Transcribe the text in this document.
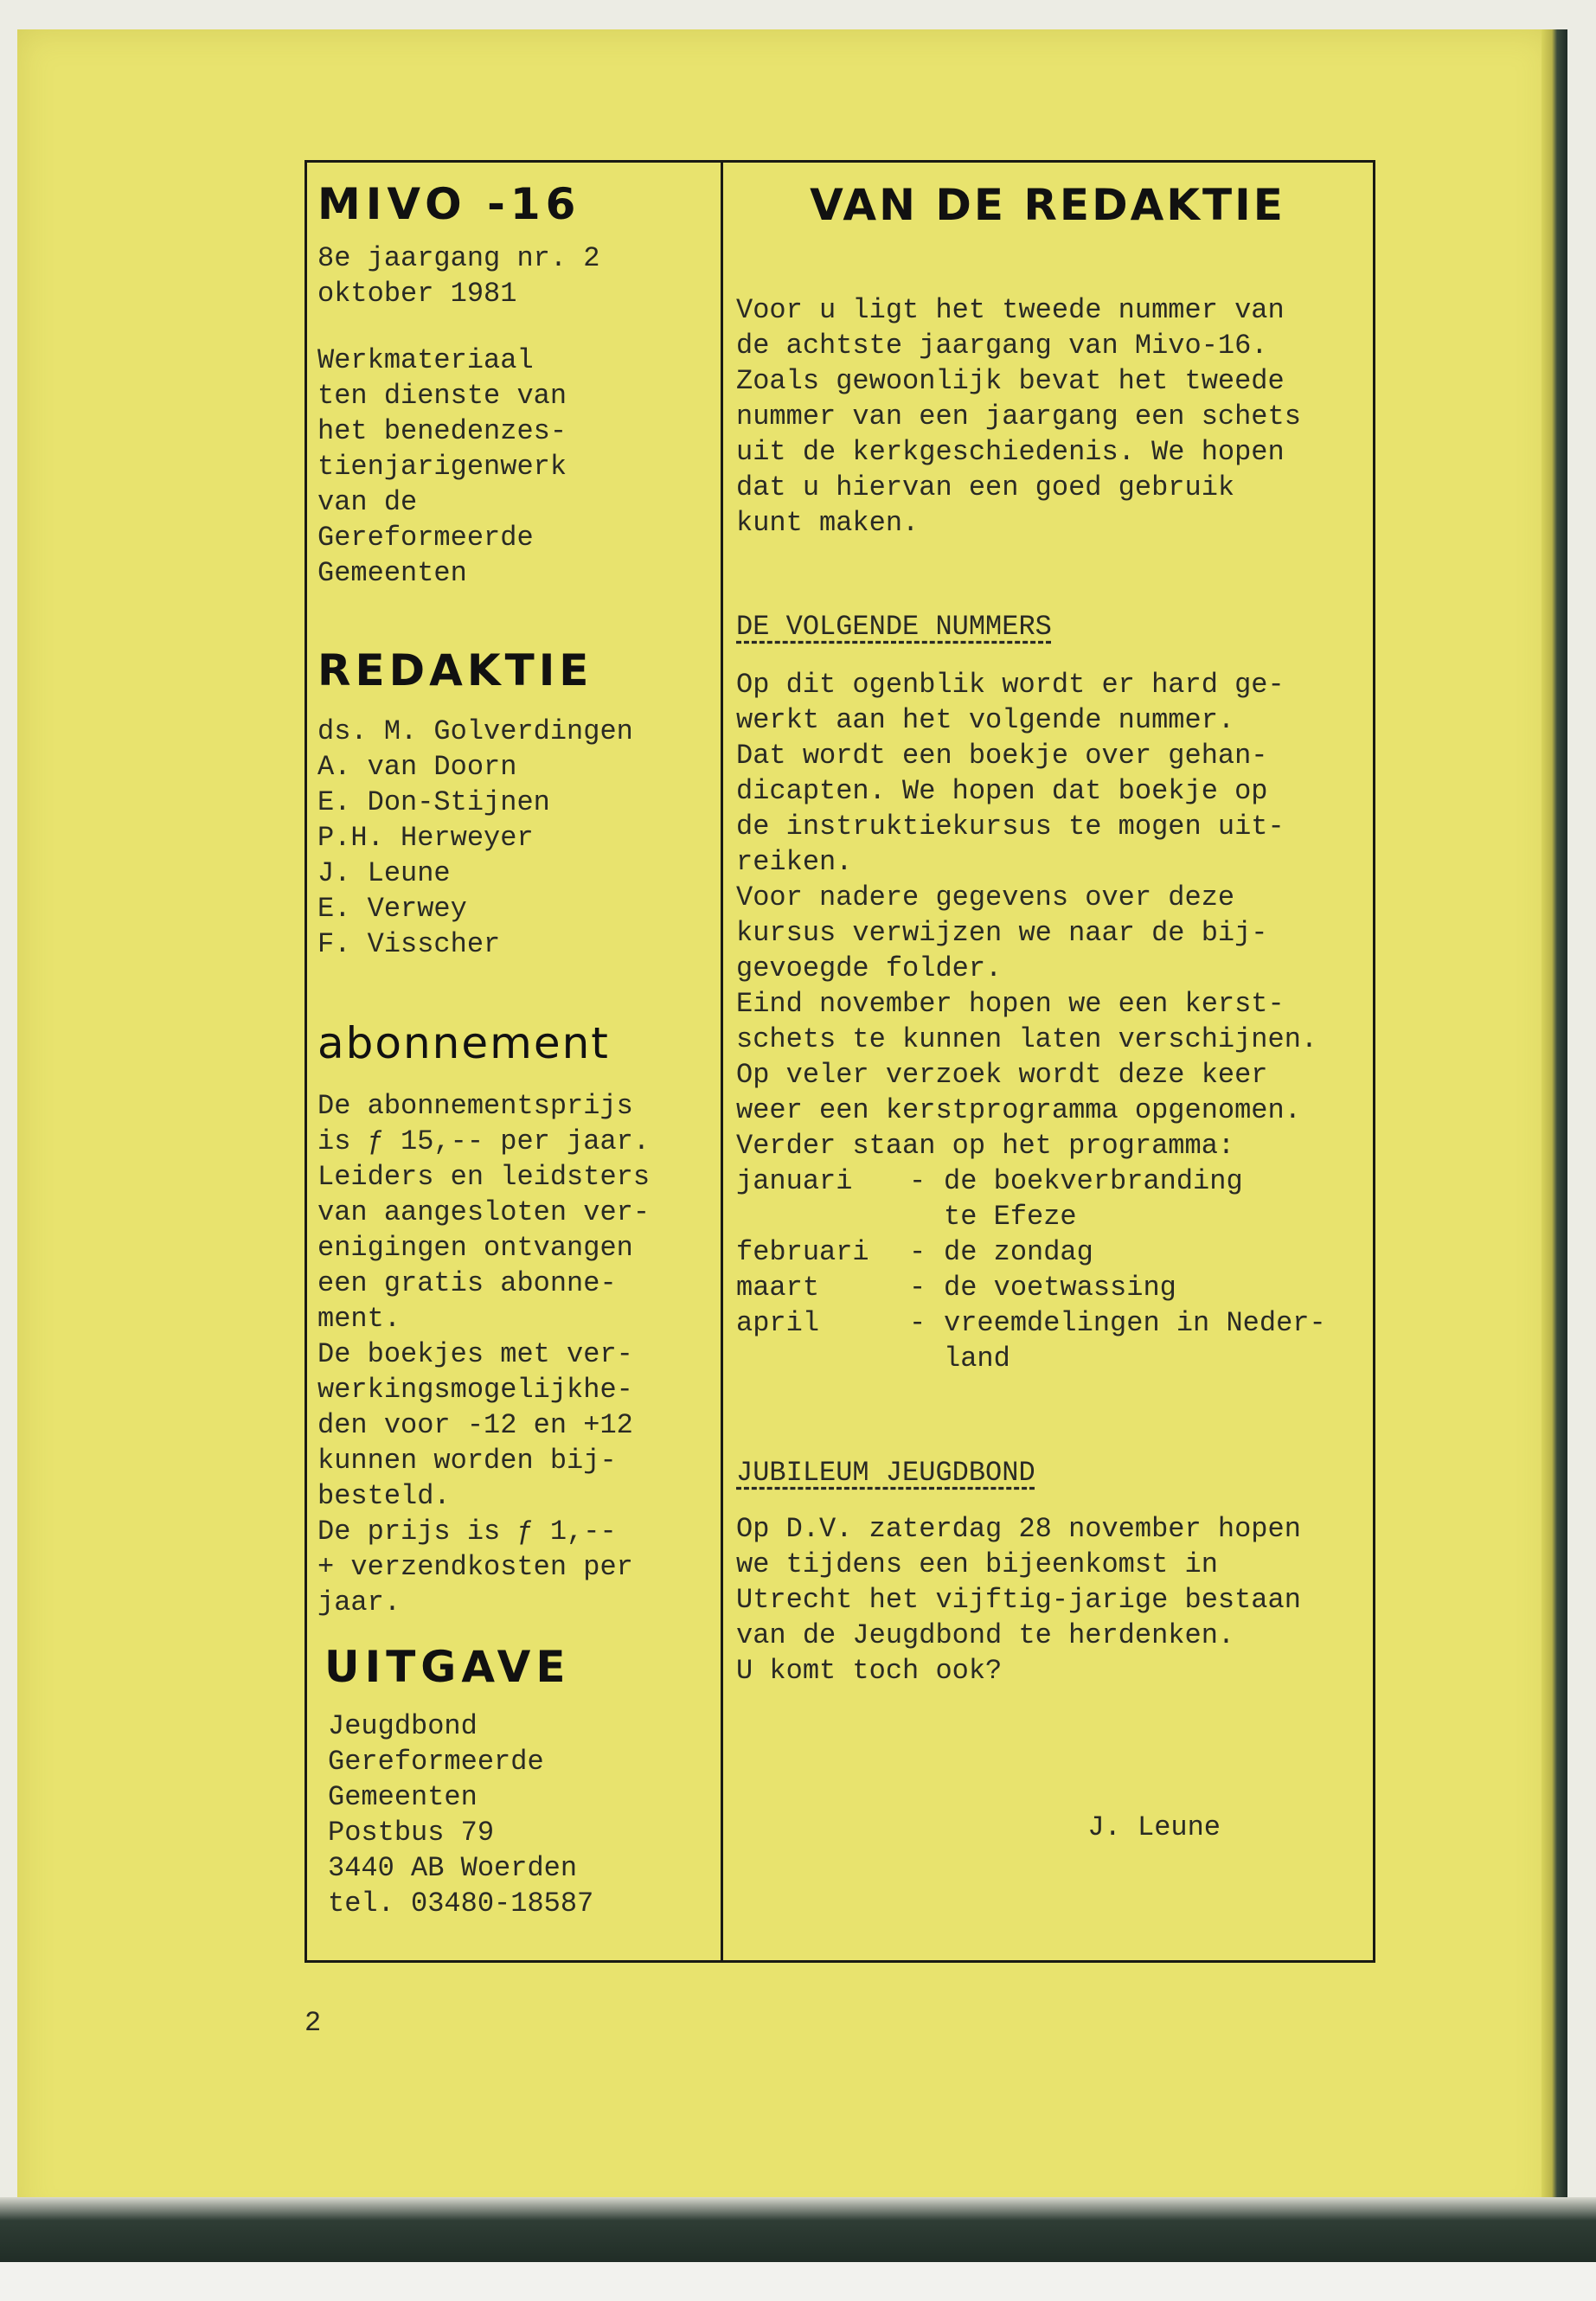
MIVO -16

8e jaargang nr. 2
oktober 1981

Werkmateriaal
ten dienste van
het benedenzes-
tienjarigenwerk
van de
Gereformeerde
Gemeenten

REDAKTIE

ds. M. Golverdingen
A. van Doorn
E. Don-Stijnen
P.H. Herweyer
J. Leune
E. Verwey
F. Visscher

abonnement

De abonnementsprijs
is ƒ 15,-- per jaar.
Leiders en leidsters
van aangesloten ver-
enigingen ontvangen
een gratis abonne-
ment.
De boekjes met ver-
werkingsmogelijkhe-
den voor -12 en +12
kunnen worden bij-
besteld.
De prijs is ƒ 1,--
+ verzendkosten per
jaar.

UITGAVE

Jeugdbond
Gereformeerde
Gemeenten
Postbus 79
3440 AB Woerden
tel. 03480-18587

VAN DE REDAKTIE

Voor u ligt het tweede nummer van
de achtste jaargang van Mivo-16.
Zoals gewoonlijk bevat het tweede
nummer van een jaargang een schets
uit de kerkgeschiedenis. We hopen
dat u hiervan een goed gebruik
kunt maken.

DE VOLGENDE NUMMERS

Op dit ogenblik wordt er hard ge-
werkt aan het volgende nummer.
Dat wordt een boekje over gehan-
dicapten. We hopen dat boekje op
de instruktiekursus te mogen uit-
reiken.
Voor nadere gegevens over deze
kursus verwijzen we naar de bij-
gevoegde folder.
Eind november hopen we een kerst-
schets te kunnen laten verschijnen.
Op veler verzoek wordt deze keer
weer een kerstprogramma opgenomen.
Verder staan op het programma:

januari	- de boekverbranding
te Efeze
februari	- de zondag
maart	- de voetwassing
april	- vreemdelingen in Neder-
land

JUBILEUM JEUGDBOND

Op D.V. zaterdag 28 november hopen
we tijdens een bijeenkomst in
Utrecht het vijftig-jarige bestaan
van de Jeugdbond te herdenken.
U komt toch ook?

J. Leune

2
